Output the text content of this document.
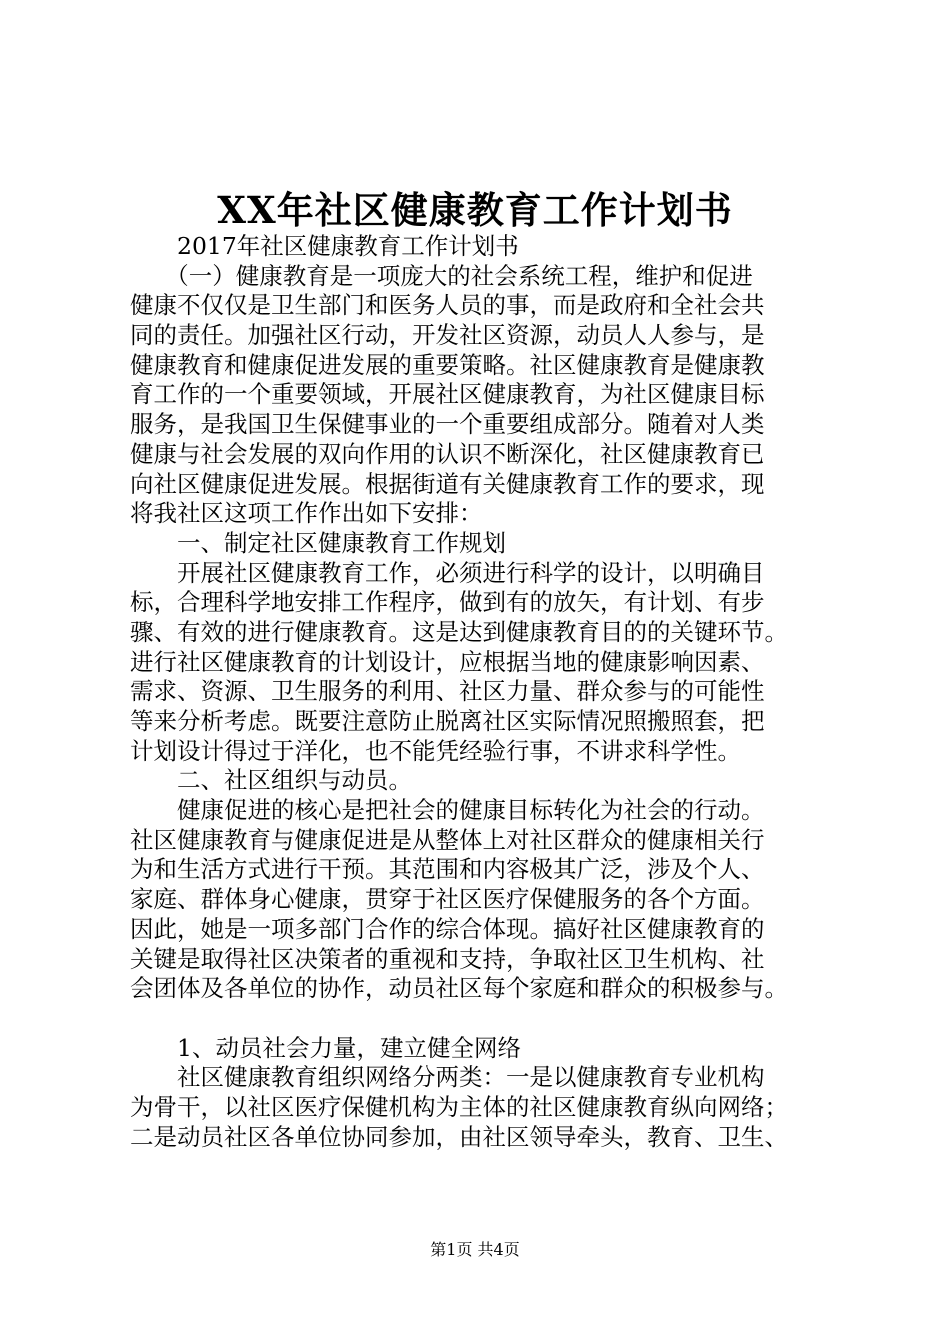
XX年社区健康教育工作计划书
　　2017年社区健康教育工作计划书
　　（一）健康教育是一项庞大的社会系统工程，维护和促进
健康不仅仅是卫生部门和医务人员的事，而是政府和全社会共
同的责任。加强社区行动，开发社区资源，动员人人参与，是
健康教育和健康促进发展的重要策略。社区健康教育是健康教
育工作的一个重要领域，开展社区健康教育，为社区健康目标
服务，是我国卫生保健事业的一个重要组成部分。随着对人类
健康与社会发展的双向作用的认识不断深化，社区健康教育已
向社区健康促进发展。根据街道有关健康教育工作的要求，现
将我社区这项工作作出如下安排：
　　一、制定社区健康教育工作规划
　　开展社区健康教育工作，必须进行科学的设计，以明确目
标，合理科学地安排工作程序，做到有的放矢，有计划、有步
骤、有效的进行健康教育。这是达到健康教育目的的关键环节。
进行社区健康教育的计划设计，应根据当地的健康影响因素、
需求、资源、卫生服务的利用、社区力量、群众参与的可能性
等来分析考虑。既要注意防止脱离社区实际情况照搬照套，把
计划设计得过于洋化，也不能凭经验行事，不讲求科学性。
　　二、社区组织与动员。
　　健康促进的核心是把社会的健康目标转化为社会的行动。
社区健康教育与健康促进是从整体上对社区群众的健康相关行
为和生活方式进行干预。其范围和内容极其广泛，涉及个人、
家庭、群体身心健康，贯穿于社区医疗保健服务的各个方面。
因此，她是一项多部门合作的综合体现。搞好社区健康教育的
关键是取得社区决策者的重视和支持，争取社区卫生机构、社
会团体及各单位的协作，动员社区每个家庭和群众的积极参与。
　　1、动员社会力量，建立健全网络
　　社区健康教育组织网络分两类：一是以健康教育专业机构
为骨干，以社区医疗保健机构为主体的社区健康教育纵向网络；
二是动员社区各单位协同参加，由社区领导牵头，教育、卫生、
第1页 共4页
